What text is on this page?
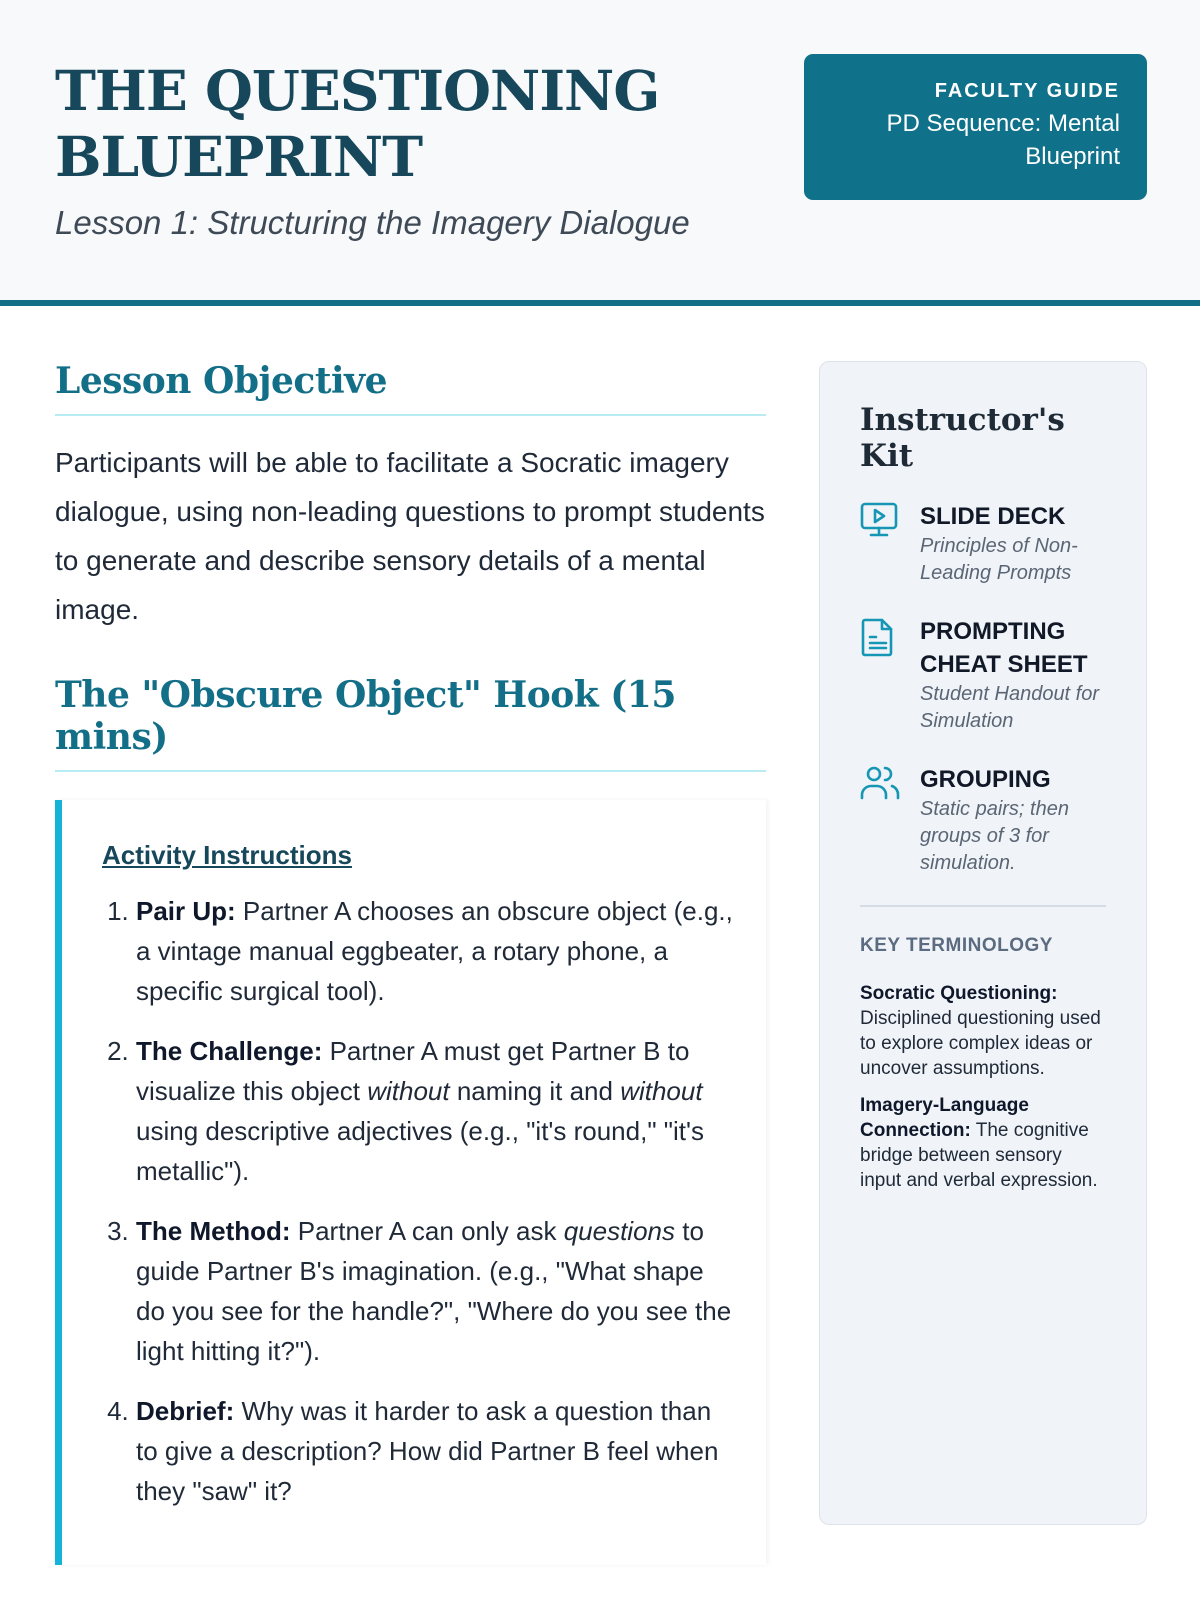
THE QUESTIONING
BLUEPRINT
Lesson 1: Structuring the Imagery Dialogue
FACULTY GUIDE
PD Sequence: Mental Blueprint
Lesson Objective

Participants will be able to facilitate a Socratic imagery dialogue, using non-leading questions to prompt students to generate and describe sensory details of a mental image.

The "Obscure Object" Hook (15 mins)
Activity Instructions
1. Pair Up: Partner A chooses an obscure object (e.g., a vintage manual eggbeater, a rotary phone, a specific surgical tool).
2. The Challenge: Partner A must get Partner B to visualize this object without naming it and without using descriptive adjectives (e.g., "it's round," "it's metallic").
3. The Method: Partner A can only ask questions to guide Partner B's imagination. (e.g., "What shape do you see for the handle?", "Where do you see the light hitting it?").
4. Debrief: Why was it harder to ask a question than to give a description? How did Partner B feel when they "saw" it?
Instructor's Kit
SLIDE DECK
Principles of Non-Leading Prompts
PROMPTING CHEAT SHEET
Student Handout for Simulation
GROUPING
Static pairs; then groups of 3 for simulation.
KEY TERMINOLOGY
Socratic Questioning: Disciplined questioning used to explore complex ideas or uncover assumptions.
Imagery-Language Connection: The cognitive bridge between sensory input and verbal expression.
